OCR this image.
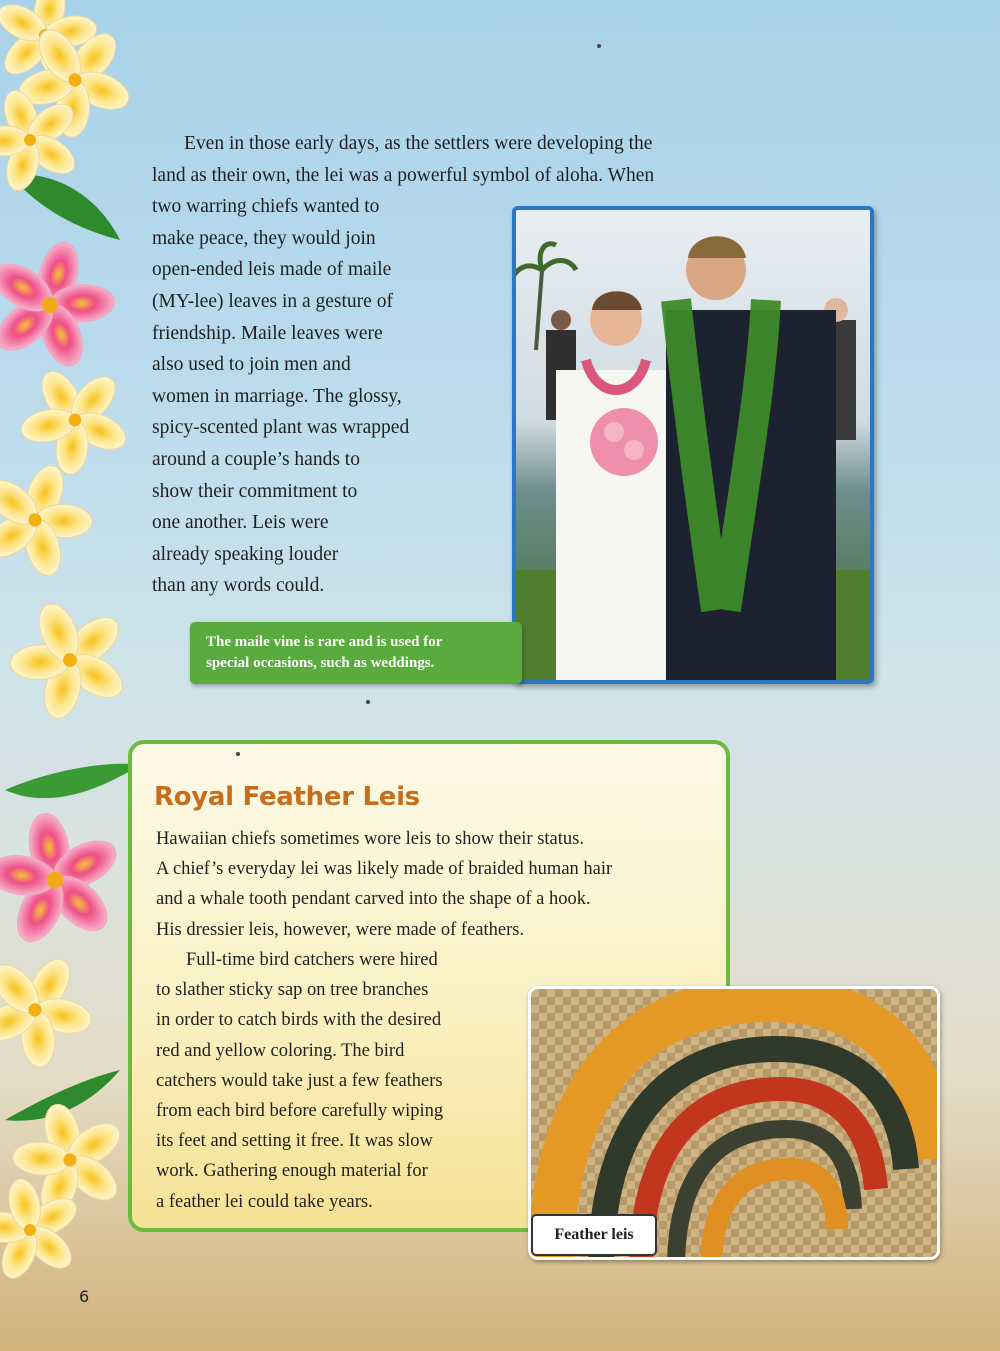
Even in those early days, as the settlers were developing the
land as their own, the lei was a powerful symbol of aloha. When
two warring chiefs wanted to
make peace, they would join
open-ended leis made of maile
(MY-lee) leaves in a gesture of
friendship. Maile leaves were
also used to join men and
women in marriage. The glossy,
spicy-scented plant was wrapped
around a couple’s hands to
show their commitment to
one another. Leis were
already speaking louder
than any words could.
The maile vine is rare and is used for
special occasions, such as weddings.
Royal Feather Leis
Hawaiian chiefs sometimes wore leis to show their status.
A chief’s everyday lei was likely made of braided human hair
and a whale tooth pendant carved into the shape of a hook.
His dressier leis, however, were made of feathers.
Full-time bird catchers were hired
to slather sticky sap on tree branches
in order to catch birds with the desired
red and yellow coloring. The bird
catchers would take just a few feathers
from each bird before carefully wiping
its feet and setting it free. It was slow
work. Gathering enough material for
a feather lei could take years.
Feather leis
6
